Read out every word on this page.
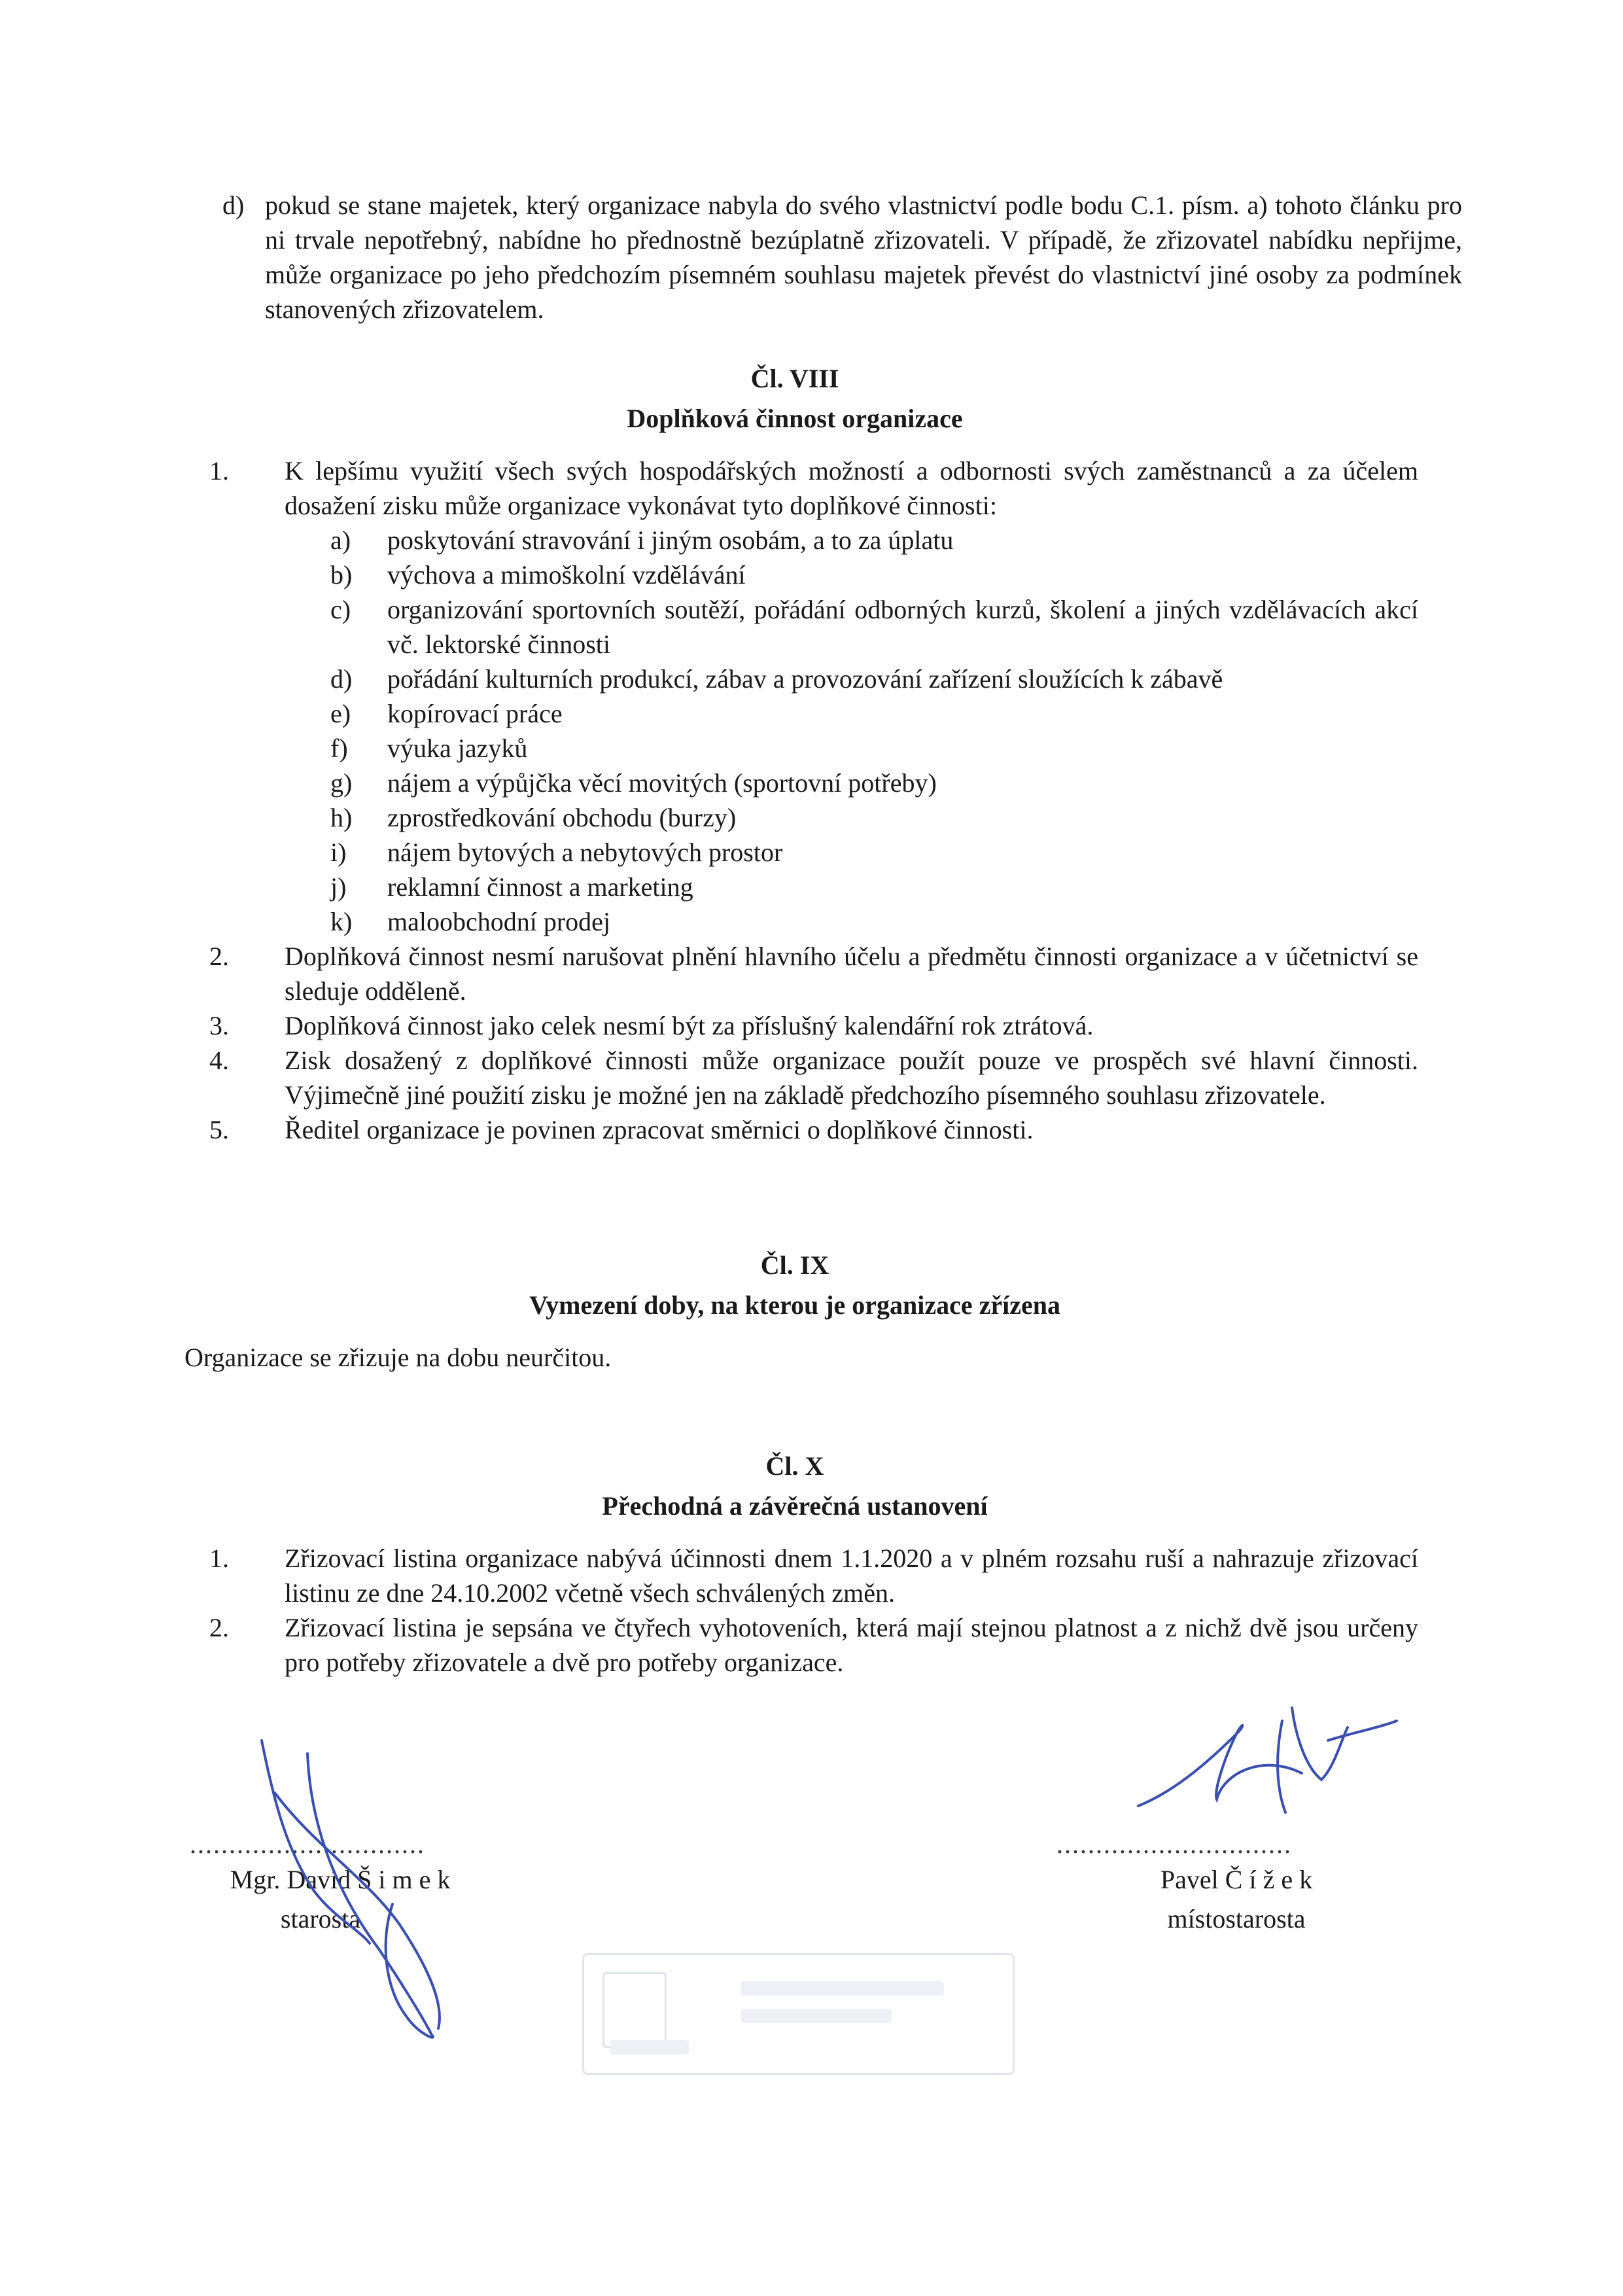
d) pokud se stane majetek, který organizace nabyla do svého vlastnictví podle bodu C.1. písm. a) tohoto článku pro ni trvale nepotřebný, nabídne ho přednostně bezúplatně zřizovateli. V případě, že zřizovatel nabídku nepřijme, může organizace po jeho předchozím písemném souhlasu majetek převést do vlastnictví jiné osoby za podmínek stanovených zřizovatelem.
Čl. VIII
Doplňková činnost organizace
1. K lepšímu využití všech svých hospodářských možností a odbornosti svých zaměstnanců a za účelem dosažení zisku může organizace vykonávat tyto doplňkové činnosti:
a) poskytování stravování i jiným osobám, a to za úplatu
b) výchova a mimoškolní vzdělávání
c) organizování sportovních soutěží, pořádání odborných kurzů, školení a jiných vzdělávacích akcí vč. lektorské činnosti
d) pořádání kulturních produkcí, zábav a provozování zařízení sloužících k zábavě
e) kopírovací práce
f) výuka jazyků
g) nájem a výpůjčka věcí movitých (sportovní potřeby)
h) zprostředkování obchodu (burzy)
i) nájem bytových a nebytových prostor
j) reklamní činnost a marketing
k) maloobchodní prodej
2. Doplňková činnost nesmí narušovat plnění hlavního účelu a předmětu činnosti organizace a v účetnictví se sleduje odděleně.
3. Doplňková činnost jako celek nesmí být za příslušný kalendářní rok ztrátová.
4. Zisk dosažený z doplňkové činnosti může organizace použít pouze ve prospěch své hlavní činnosti. Výjimečně jiné použití zisku je možné jen na základě předchozího písemného souhlasu zřizovatele.
5. Ředitel organizace je povinen zpracovat směrnici o doplňkové činnosti.
Čl. IX
Vymezení doby, na kterou je organizace zřízena
Organizace se zřizuje na dobu neurčitou.
Čl. X
Přechodná a závěrečná ustanovení
1. Zřizovací listina organizace nabývá účinnosti dnem 1.1.2020 a v plném rozsahu ruší a nahrazuje zřizovací listinu ze dne 24.10.2002 včetně všech schválených změn.
2. Zřizovací listina je sepsána ve čtyřech vyhotoveních, která mají stejnou platnost a z nichž dvě jsou určeny pro potřeby zřizovatele a dvě pro potřeby organizace.
..............................
Mgr. David Š i m e k
starosta
..............................
Pavel Č í ž e k
místostarosta
